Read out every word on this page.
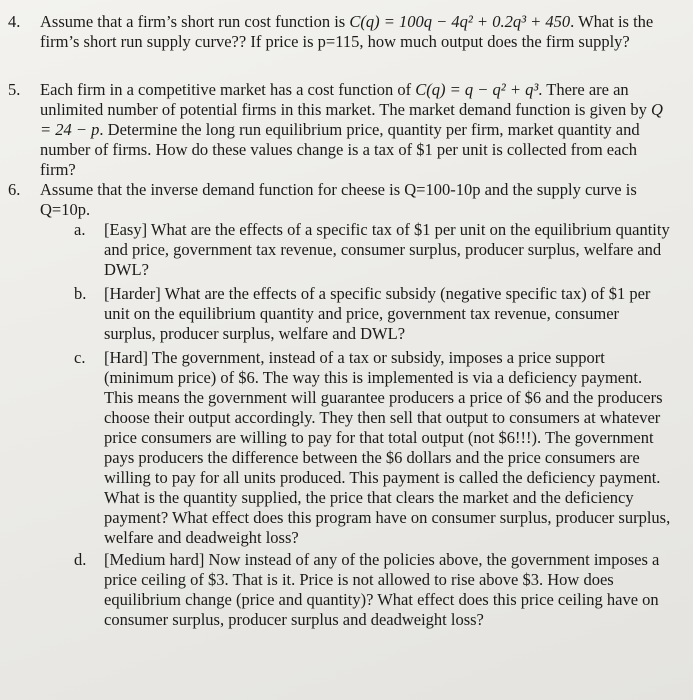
4. Assume that a firm’s short run cost function is C(q) = 100q − 4q² + 0.2q³ + 450. What is the firm’s short run supply curve?? If price is p=115, how much output does the firm supply?
5. Each firm in a competitive market has a cost function of C(q) = q − q² + q³. There are an unlimited number of potential firms in this market. The market demand function is given by Q = 24 − p. Determine the long run equilibrium price, quantity per firm, market quantity and number of firms. How do these values change is a tax of $1 per unit is collected from each firm?
6. Assume that the inverse demand function for cheese is Q=100-10p and the supply curve is Q=10p.
a. [Easy] What are the effects of a specific tax of $1 per unit on the equilibrium quantity and price, government tax revenue, consumer surplus, producer surplus, welfare and DWL?
b. [Harder] What are the effects of a specific subsidy (negative specific tax) of $1 per unit on the equilibrium quantity and price, government tax revenue, consumer surplus, producer surplus, welfare and DWL?
c. [Hard] The government, instead of a tax or subsidy, imposes a price support (minimum price) of $6. The way this is implemented is via a deficiency payment. This means the government will guarantee producers a price of $6 and the producers choose their output accordingly. They then sell that output to consumers at whatever price consumers are willing to pay for that total output (not $6!!!). The government pays producers the difference between the $6 dollars and the price consumers are willing to pay for all units produced. This payment is called the deficiency payment. What is the quantity supplied, the price that clears the market and the deficiency payment? What effect does this program have on consumer surplus, producer surplus, welfare and deadweight loss?
d. [Medium hard] Now instead of any of the policies above, the government imposes a price ceiling of $3. That is it. Price is not allowed to rise above $3. How does equilibrium change (price and quantity)? What effect does this price ceiling have on consumer surplus, producer surplus and deadweight loss?
